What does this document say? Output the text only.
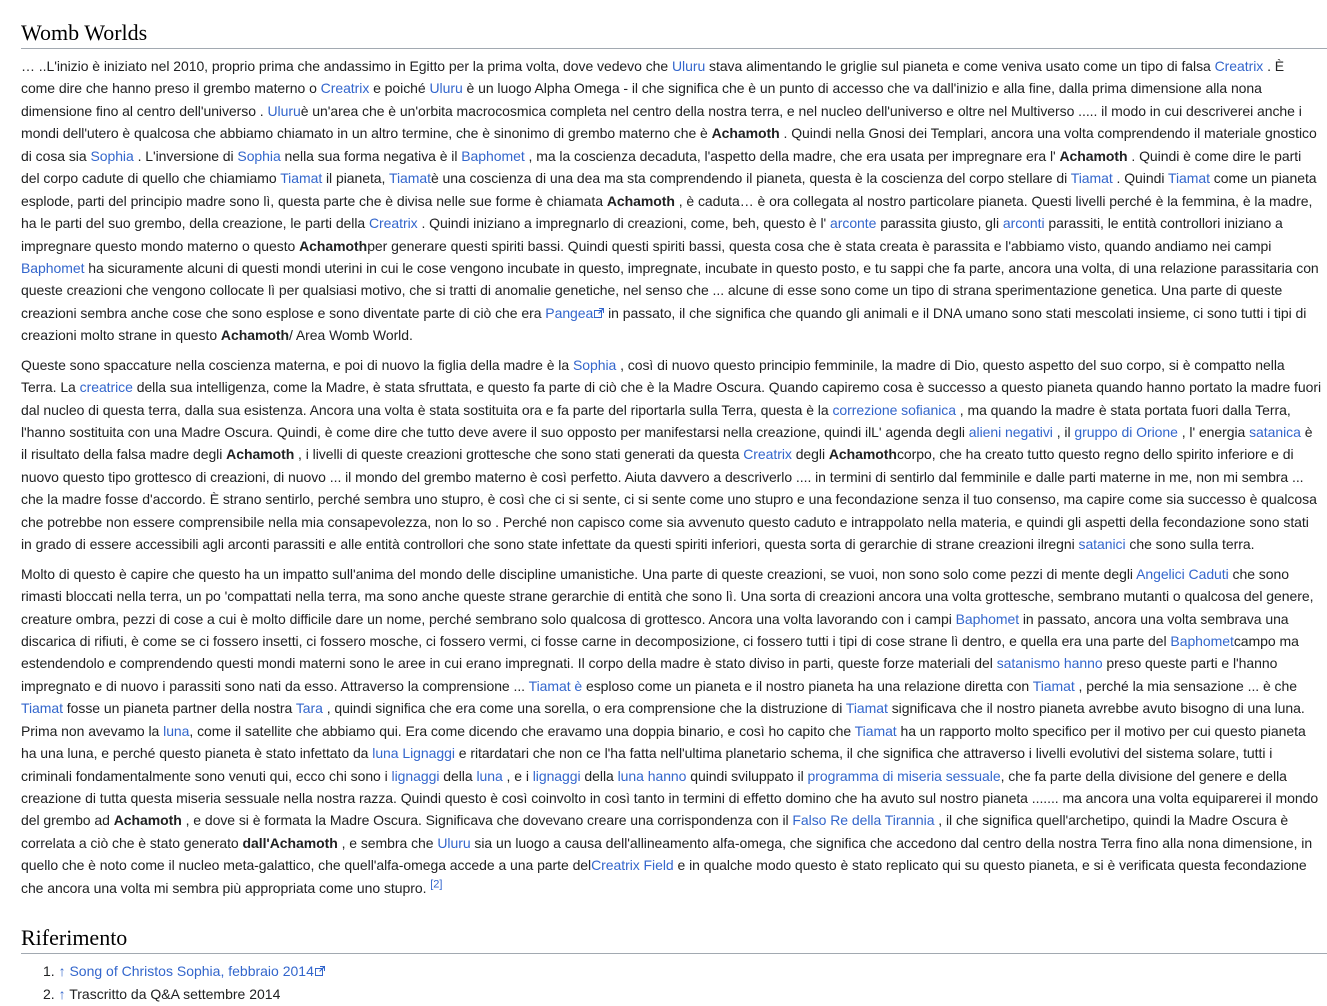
Womb Worlds

… ..L'inizio è iniziato nel 2010, proprio prima che andassimo in Egitto per la prima volta, dove vedevo che Uluru stava alimentando le griglie sul pianeta e come veniva usato come un tipo di falsa Creatrix . È
come dire che hanno preso il grembo materno o Creatrix e poiché Uluru è un luogo Alpha Omega - il che significa che è un punto di accesso che va dall'inizio e alla fine, dalla prima dimensione alla nona
dimensione fino al centro dell'universo . Uluruè un'area che è un'orbita macrocosmica completa nel centro della nostra terra, e nel nucleo dell'universo e oltre nel Multiverso ..... il modo in cui descriverei anche i
mondi dell'utero è qualcosa che abbiamo chiamato in un altro termine, che è sinonimo di grembo materno che è Achamoth . Quindi nella Gnosi dei Templari, ancora una volta comprendendo il materiale gnostico
di cosa sia Sophia . L'inversione di Sophia nella sua forma negativa è il Baphomet , ma la coscienza decaduta, l'aspetto della madre, che era usata per impregnare era l' Achamoth . Quindi è come dire le parti
del corpo cadute di quello che chiamiamo Tiamat il pianeta, Tiamatè una coscienza di una dea ma sta comprendendo il pianeta, questa è la coscienza del corpo stellare di Tiamat . Quindi Tiamat come un pianeta
esplode, parti del principio madre sono lì, questa parte che è divisa nelle sue forme è chiamata Achamoth , è caduta… è ora collegata al nostro particolare pianeta. Questi livelli perché è la femmina, è la madre,
ha le parti del suo grembo, della creazione, le parti della Creatrix . Quindi iniziano a impregnarlo di creazioni, come, beh, questo è l' arconte parassita giusto, gli arconti parassiti, le entità controllori iniziano a
impregnare questo mondo materno o questo Achamothper generare questi spiriti bassi. Quindi questi spiriti bassi, questa cosa che è stata creata è parassita e l'abbiamo visto, quando andiamo nei campi
Baphomet ha sicuramente alcuni di questi mondi uterini in cui le cose vengono incubate in questo, impregnate, incubate in questo posto, e tu sappi che fa parte, ancora una volta, di una relazione parassitaria con
queste creazioni che vengono collocate lì per qualsiasi motivo, che si tratti di anomalie genetiche, nel senso che ... alcune di esse sono come un tipo di strana sperimentazione genetica. Una parte di queste
creazioni sembra anche cose che sono esplose e sono diventate parte di ciò che era Pangea in passato, il che significa che quando gli animali e il DNA umano sono stati mescolati insieme, ci sono tutti i tipi di
creazioni molto strane in questo Achamoth/ Area Womb World.

Queste sono spaccature nella coscienza materna, e poi di nuovo la figlia della madre è la Sophia , così di nuovo questo principio femminile, la madre di Dio, questo aspetto del suo corpo, si è compatto nella
Terra. La creatrice della sua intelligenza, come la Madre, è stata sfruttata, e questo fa parte di ciò che è la Madre Oscura. Quando capiremo cosa è successo a questo pianeta quando hanno portato la madre fuori
dal nucleo di questa terra, dalla sua esistenza. Ancora una volta è stata sostituita ora e fa parte del riportarla sulla Terra, questa è la correzione sofianica , ma quando la madre è stata portata fuori dalla Terra,
l'hanno sostituita con una Madre Oscura. Quindi, è come dire che tutto deve avere il suo opposto per manifestarsi nella creazione, quindi ilL' agenda degli alieni negativi , il gruppo di Orione , l' energia satanica è
il risultato della falsa madre degli Achamoth , i livelli di queste creazioni grottesche che sono stati generati da questa Creatrix degli Achamothcorpo, che ha creato tutto questo regno dello spirito inferiore e di
nuovo questo tipo grottesco di creazioni, di nuovo ... il mondo del grembo materno è così perfetto. Aiuta davvero a descriverlo .... in termini di sentirlo dal femminile e dalle parti materne in me, non mi sembra ...
che la madre fosse d'accordo. È strano sentirlo, perché sembra uno stupro, è così che ci si sente, ci si sente come uno stupro e una fecondazione senza il tuo consenso, ma capire come sia successo è qualcosa
che potrebbe non essere comprensibile nella mia consapevolezza, non lo so . Perché non capisco come sia avvenuto questo caduto e intrappolato nella materia, e quindi gli aspetti della fecondazione sono stati
in grado di essere accessibili agli arconti parassiti e alle entità controllori che sono state infettate da questi spiriti inferiori, questa sorta di gerarchie di strane creazioni ilregni satanici che sono sulla terra.

Molto di questo è capire che questo ha un impatto sull'anima del mondo delle discipline umanistiche. Una parte di queste creazioni, se vuoi, non sono solo come pezzi di mente degli Angelici Caduti che sono
rimasti bloccati nella terra, un po 'compattati nella terra, ma sono anche queste strane gerarchie di entità che sono lì. Una sorta di creazioni ancora una volta grottesche, sembrano mutanti o qualcosa del genere,
creature ombra, pezzi di cose a cui è molto difficile dare un nome, perché sembrano solo qualcosa di grottesco. Ancora una volta lavorando con i campi Baphomet in passato, ancora una volta sembrava una
discarica di rifiuti, è come se ci fossero insetti, ci fossero mosche, ci fossero vermi, ci fosse carne in decomposizione, ci fossero tutti i tipi di cose strane lì dentro, e quella era una parte del Baphometcampo ma
estendendolo e comprendendo questi mondi materni sono le aree in cui erano impregnati. Il corpo della madre è stato diviso in parti, queste forze materiali del satanismo hanno preso queste parti e l'hanno
impregnato e di nuovo i parassiti sono nati da esso. Attraverso la comprensione ... Tiamat è esploso come un pianeta e il nostro pianeta ha una relazione diretta con Tiamat , perché la mia sensazione ... è che
Tiamat fosse un pianeta partner della nostra Tara , quindi significa che era come una sorella, o era comprensione che la distruzione di Tiamat significava che il nostro pianeta avrebbe avuto bisogno di una luna.
Prima non avevamo la luna, come il satellite che abbiamo qui. Era come dicendo che eravamo una doppia binario, e così ho capito che Tiamat ha un rapporto molto specifico per il motivo per cui questo pianeta
ha una luna, e perché questo pianeta è stato infettato da luna Lignaggi e ritardatari che non ce l'ha fatta nell'ultima planetario schema, il che significa che attraverso i livelli evolutivi del sistema solare, tutti i
criminali fondamentalmente sono venuti qui, ecco chi sono i lignaggi della luna , e i lignaggi della luna hanno quindi sviluppato il programma di miseria sessuale, che fa parte della divisione del genere e della
creazione di tutta questa miseria sessuale nella nostra razza. Quindi questo è così coinvolto in così tanto in termini di effetto domino che ha avuto sul nostro pianeta ....... ma ancora una volta equiparerei il mondo
del grembo ad Achamoth , e dove si è formata la Madre Oscura. Significava che dovevano creare una corrispondenza con il Falso Re della Tirannia , il che significa quell'archetipo, quindi la Madre Oscura è
correlata a ciò che è stato generato dall'Achamoth , e sembra che Uluru sia un luogo a causa dell'allineamento alfa-omega, che significa che accedono dal centro della nostra Terra fino alla nona dimensione, in
quello che è noto come il nucleo meta-galattico, che quell'alfa-omega accede a una parte delCreatrix Field e in qualche modo questo è stato replicato qui su questo pianeta, e si è verificata questa fecondazione
che ancora una volta mi sembra più appropriata come uno stupro. [2]

Riferimento
1. ↑ Song of Christos Sophia, febbraio 2014
2. ↑ Trascritto da Q&A settembre 2014
